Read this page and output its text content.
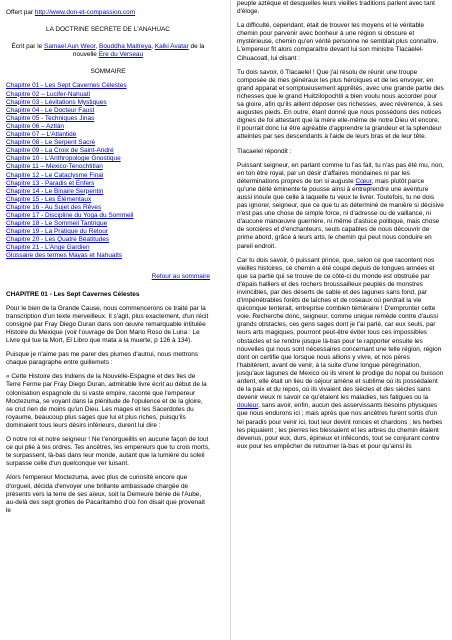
Offert par http://www.don-et-compassion.com

LA DOCTRINE SECRETE DE L'ANAHUAC

Écrit par le Samael Aun Weor, Bouddha Maitreya, Kalki Avatar de la nouvelle Ere du Verseau

SOMMAIRE

Chapitre 01 - Les Sept Cavernes Célestes
Chapitre 02 – Lucifer-Nahuatl
Chapitre 03 - Lévitations Mystiques
Chapitre 04 - Le Docteur Faust
Chapitre 05 - Techniques Jinas
Chapitre 06 – Aztlán
Chapitre 07 – L'Atlantide
Chapitre 08 - Le Serpent Sacré
Chapitre 09 - La Croix de Saint-André
Chapitre 10 - L'Anthropologie Gnostique
Chapitre 11 – Mexico-Tenochtitlan
Chapitre 12 - Le Cataclysme Final
Chapitre 13 - Paradis et Enfers
Chapitre 14 - Le Binaire Serpentin
Chapitre 15 - Les Élémentaux
Chapitre 16 - Au Sujet des Rêves
Chapitre 17 - Discipline du Yoga du Sommeil
Chapitre 18 - Le Sommeil Tantrique
Chapitre 19 - La Pratique du Retour
Chapitre 20 - Les Quatre Béatitudes
Chapitre 21 - L'Ange Gardien
Glossaire des termes Mayas et Nahuatls

Retour au sommaire

CHAPITRE 01 - Les Sept Cavernes Célestes

Pour le bien de la Grande Cause, nous commencerons ce traité par la transcription d'un texte merveilleux. Il s'agit, plus exactement, d'un récit consigné par Fray Diego Duran dans son œuvre remarquable intitulée Histoire du Mexique (voir l'ouvrage de Don Mario Roso de Luna : Le Livre qui tue la Mort, El Libro que mata a la muerte, p 126 à 134).

Puisque je n'aime pas me parer des plumes d'autrui, nous mettrons chaque paragraphe entre guillemets :

« Cette Histoire des Indiens de la Nouvelle-Espagne et des îles de Terre Ferme par Fray Diego Duran, admirable livre écrit au début de la colonisation espagnole du si vaste empire, raconte que l'empereur Moctezuma, se voyant dans la plénitude de l'opulence et de la gloire, se crut rien de moins qu'un Dieu. Les mages et les Sacerdotes du royaume, beaucoup plus sages que lui et plus riches, puisqu'ils dominaient tous leurs désirs inférieurs, durent lui dire :

O notre roi et notre seigneur ! Ne t'enorgueillis en aucune façon de tout ce qui plie à tes ordres. Tes ancêtres, les empereurs que tu crois morts, te surpassent, là-bas dans leur monde, autant que la lumière du soleil surpasse celle d'un quelconque ver luisant.

Alors l'empereur Moctezuma, avec plus de curiosité encore que d'orgueil, décida d'envoyer une brillante ambassade chargée de présents vers la terre de ses aïeux, soit la Demeure bénie de l'Aube, au-delà des sept grottes de Pacaritambo d'où l'on disait que provenait le

peuple aztèque et desquelles leurs vieilles traditions parlent avec tant d'éloge.

La difficulté, cependant, était de trouver les moyens et le véritable chemin pour parvenir avec bonheur à une région si obscure et mystérieuse, chemin qu'en vérité personne ne semblait plus connaître. L'empereur fit alors comparaître devant lui son ministre Tlacaelel-Cihuacoatl, lui disant :

Tu dois savoir, ô Tlacaelel ! Que j'ai résolu de réunir une troupe composée de mes généraux les plus héroïques et de les envoyer, en grand apparat et somptueusement apprêtés, avec une grande partie des richesses que le grand Huitzilopochtli a bien voulu nous accorder pour sa gloire, afin qu'ils aillent déposer ces richesses, avec révérence, à ses augustes pieds. En outre, étant donné que nous possédons des notices dignes de foi attestant que la mère elle-même de notre Dieu vit encore, il pourrait donc lui être agréable d'apprendre la grandeur et la splendeur atteintes par ses descendants à l'aide de leurs bras et de leur tête.

Tlacaelel répondit :

Puissant seigneur, en parlant comme tu l'as fait, tu n'as pas été mu, non, en ton être royal, par un désir d'affaires mondaines ni par les déterminations propres de ton si auguste Cœur, mais plutôt parce qu'une déité éminente te pousse ainsi à entreprendre une aventure aussi inouïe que celle à laquelle tu veux te livrer. Toutefois, tu ne dois pas ignorer, seigneur, que ce que tu as déterminé de manière si décisive n'est pas une chose de simple force, ni d'adresse ou de vaillance, ni d'aucune manœuvre guerrière, ni même d'astuce politique, mais chose de sorcières et d'enchanteurs, seuls capables de nous découvrir de prime abord, grâce à leurs arts, le chemin qui peut nous conduire en pareil endroit.

Car tu dois savoir, ô puissant prince, que, selon ce que racontent nos vieilles histoires, ce chemin a été coupé depuis de longues années et que sa partie qui se trouve de ce côté-ci du monde est obstruée par d'épais halliers et des rochers broussailleux peuplés de monstres invincibles, par des déserts de sable et des lagunes sans fond, par d'impénétrables forêts de laîches et de roseaux où perdrait la vie quiconque tenterait, entreprise combien téméraire ! D'emprunter cette voie. Recherche donc, seigneur, comme unique remède contre d'aussi grands obstacles, ces gens sages dont je t'ai parlé, car eux seuls, par leurs arts magiques, pourront peut-être éviter tous ces impossibles obstacles et se rendre jusque là-bas pour te rapporter ensuite les nouvelles qui nous sont nécessaires concernant une telle région, région dont on certifie que lorsque nous allions y vivre, et nos pères l'habitèrent, avant de venir, à la suite d'une longue pérégrination, jusqu'aux lagunes de Mexico où ils virent le prodige du nopal ou buisson ardent, elle était un lieu de séjour amène et sublime où ils possédaient de la paix et du repos, où ils vivaient des siècles et des siècles sans devenir vieux ni savoir ce qu'étaient les maladies, les fatigues ou la douleur, sans avoir, enfin, aucun des asservissants besoins physiques que nous endurons ici ; mais après que nos ancêtres furent sortis d'un tel paradis pour venir ici, tout leur devint ronces et chardons ; les herbes les piquaient ; les pierres les blessaient et les arbres du chemin étaient devenus, pour eux, durs, épineux et inféconds, tout se conjurant contre eux pour les empêcher de retourner là-bas et pour qu'ainsi ils
